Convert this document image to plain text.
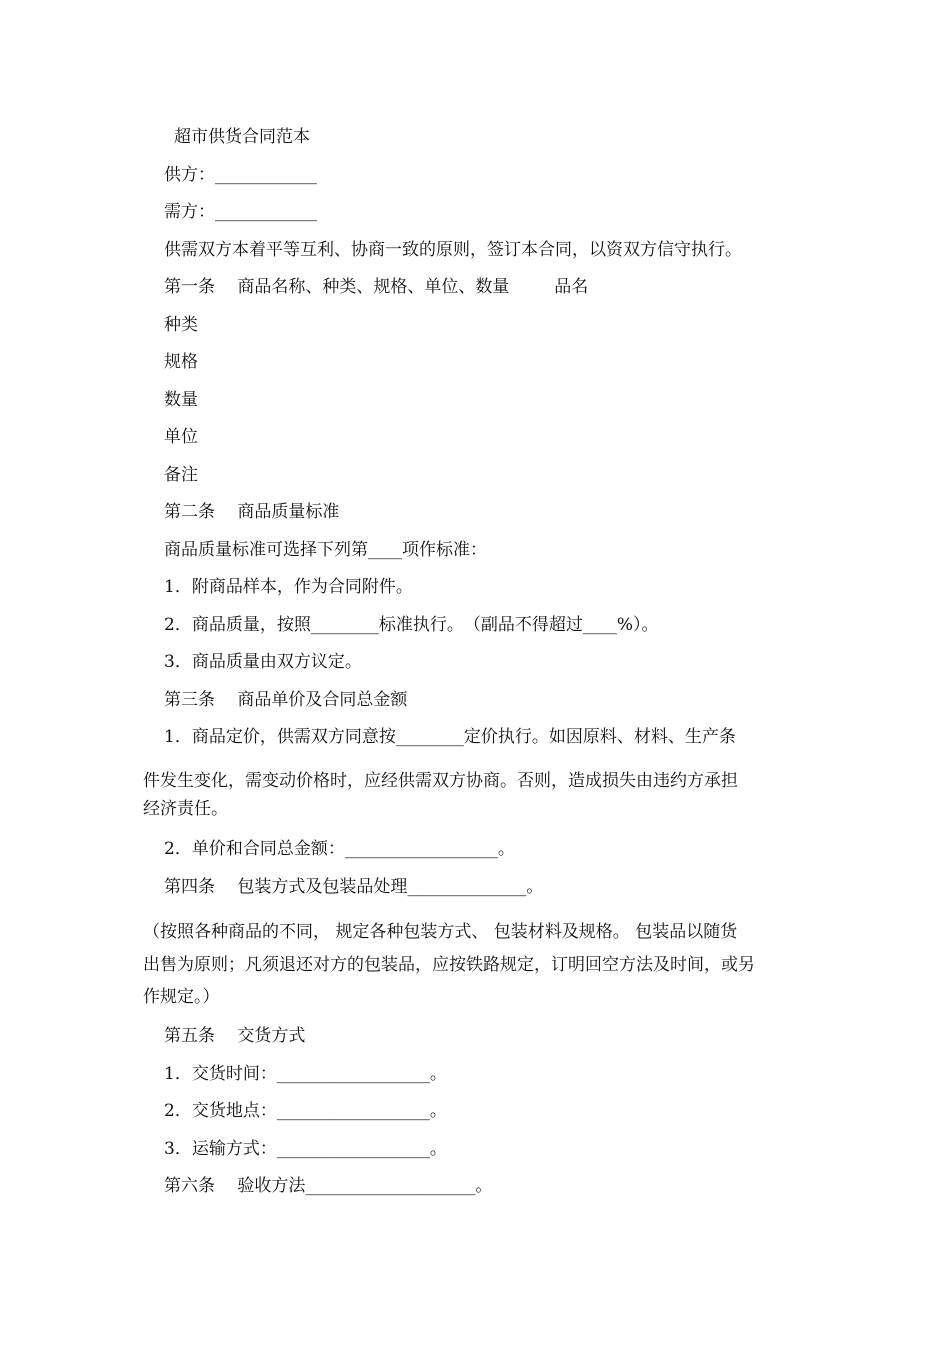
超市供货合同范本

供方：____________

需方：____________

供需双方本着平等互利、协商一致的原则，签订本合同，以资双方信守执行。

第一条　 商品名称、种类、规格、单位、数量 　　 品名

种类

规格

数量

单位

备注

第二条　 商品质量标准

商品质量标准可选择下列第____项作标准：

1．附商品样本，作为合同附件。

2．商品质量，按照________标准执行。　（副品不得超过____%）。

3．商品质量由双方议定。

第三条　 商品单价及合同总金额

1．商品定价，供需双方同意按________定价执行。如因原料、材料、生产条

件发生变化，需变动价格时，应经供需双方协商。否则，造成损失由违约方承担

经济责任。

2．单价和合同总金额：__________________。

第四条　 包装方式及包装品处理______________。

（按照各种商品的不同， 规定各种包装方式、 包装材料及规格。 包装品以随货

出售为原则；凡须退还对方的包装品，应按铁路规定，订明回空方法及时间，或另

作规定。）

第五条　 交货方式

1．交货时间：__________________。

2．交货地点：__________________。

3．运输方式：__________________。

第六条　 验收方法____________________。
